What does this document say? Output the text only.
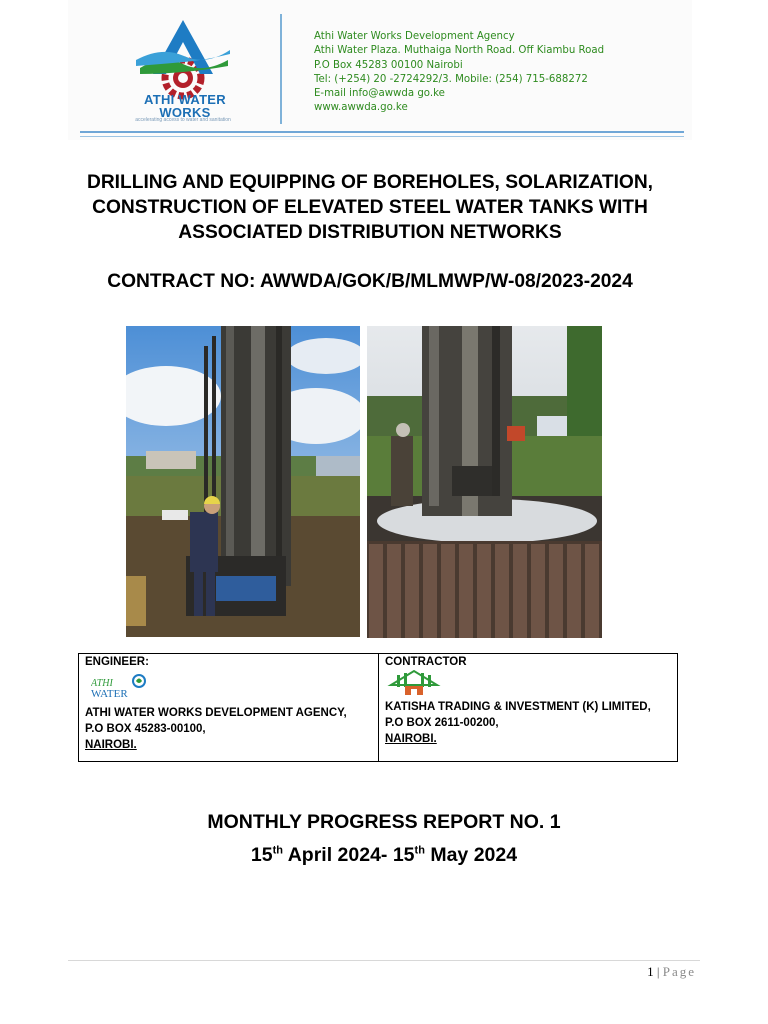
ATHI WATER
WORKS
accelerating access to water and sanitation
Athi Water Works Development Agency
Athi Water Plaza. Muthaiga North Road. Off Kiambu Road
P.O Box 45283 00100 Nairobi
Tel: (+254) 20 -2724292/3. Mobile: (254) 715-688272
E-mail info@awwda go.ke
www.awwda.go.ke
DRILLING AND EQUIPPING OF BOREHOLES, SOLARIZATION,
CONSTRUCTION OF ELEVATED STEEL WATER TANKS WITH
ASSOCIATED DISTRIBUTION NETWORKS
CONTRACT NO: AWWDA/GOK/B/MLMWP/W-08/2023-2024
ENGINEER:
ATHI
WATER
ATHI WATER WORKS DEVELOPMENT AGENCY,
P.O BOX 45283-00100,
NAIROBI.
CONTRACTOR
KATISHA TRADING & INVESTMENT (K) LIMITED,
P.O BOX 2611-00200,
NAIROBI.
MONTHLY PROGRESS REPORT NO. 1
15th April 2024- 15th May 2024
1 | Page
